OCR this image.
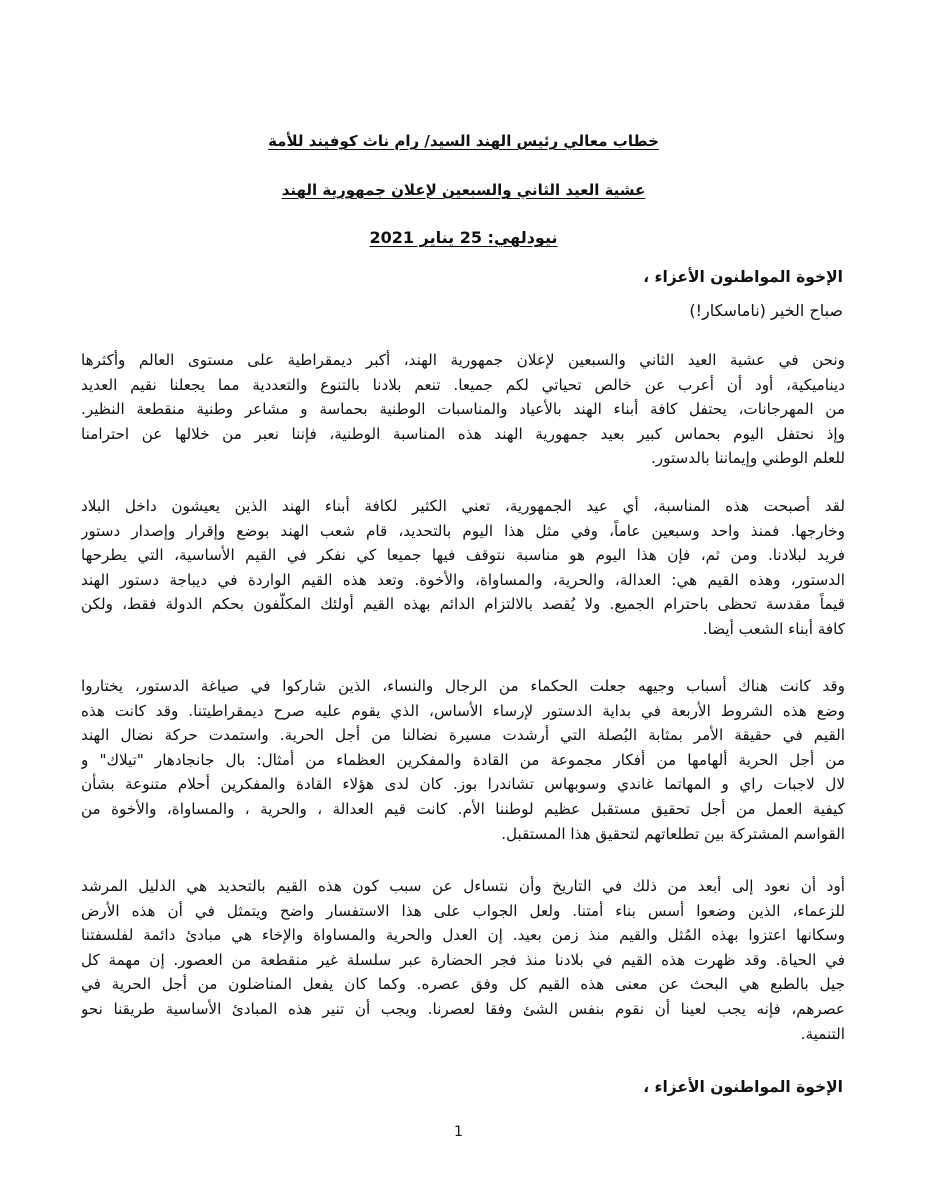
خطاب معالي رئيس الهند السيد/ رام ناث كوفيند للأمة
عشية العيد الثاني والسبعين لإعلان جمهورية الهند
نيودلهي: 25 يناير 2021
الإخوة المواطنون الأعزاء ،
صباح الخير (ناماسكار!)
ونحن في عشية العيد الثاني والسبعين لإعلان جمهورية الهند، أكبر ديمقراطية على مستوى العالم وأكثرها
ديناميكية، أود أن أعرب عن خالص تحياتي لكم جميعا. تنعم بلادنا بالتنوع والتعددية مما يجعلنا نقيم العديد
من المهرجانات، يحتفل كافة أبناء الهند بالأعياد والمناسبات الوطنية بحماسة و مشاعر وطنية منقطعة النظير.
وإذ نحتفل اليوم بحماس كبير بعيد جمهورية الهند هذه المناسبة الوطنية، فإننا نعبر من خلالها عن احترامنا
للعلم الوطني وإيماننا بالدستور.
لقد أصبحت هذه المناسبة، أي عيد الجمهورية، تعني الكثير لكافة أبناء الهند الذين يعيشون داخل البلاد
وخارجها. فمنذ واحد وسبعين عاماً، وفي مثل هذا اليوم بالتحديد، قام شعب الهند بوضع وإقرار وإصدار دستور
فريد لبلادنا. ومن ثم، فإن هذا اليوم هو مناسبة نتوقف فيها جميعا كي نفكر في القيم الأساسية، التي يطرحها
الدستور، وهذه القيم هي: العدالة، والحرية، والمساواة، والأخوة. وتعد هذه القيم الواردة في ديباجة دستور الهند
قيماً مقدسة تحظى باحترام الجميع. ولا يُقصد بالالتزام الدائم بهذه القيم أولئك المكلَّفون بحكم الدولة فقط، ولكن
كافة أبناء الشعب أيضا.
وقد كانت هناك أسباب وجيهه جعلت الحكماء من الرجال والنساء، الذين شاركوا في صياغة الدستور، يختاروا
وضع هذه الشروط الأربعة في بداية الدستور لإرساء الأساس، الذي يقوم عليه صرح ديمقراطيتنا. وقد كانت هذه
القيم في حقيقة الأمر بمثابة البُصلة التي أرشدت مسيرة نضالنا من أجل الحرية. واستمدت حركة نضال الهند
من أجل الحرية ألهامها من أفكار مجموعة من القادة والمفكرين العظماء من أمثال: بال جانجادهار "تيلاك" و
لال لاجبات راي و المهاتما غاندي وسوبهاس تشاندرا بوز. كان لدى هؤلاء القادة والمفكرين أحلام متنوعة بشأن
كيفية العمل من أجل تحقيق مستقبل عظيم لوطننا الأم. كانت قيم العدالة ، والحرية ، والمساواة، والأخوة من
القواسم المشتركة بين تطلعاتهم لتحقيق هذا المستقبل.
أود أن نعود إلى أبعد من ذلك في التاريخ وأن نتساءل عن سبب كون هذه القيم بالتحديد هي الدليل المرشد
للزعماء، الذين وضعوا أسس بناء أمتنا. ولعل الجواب على هذا الاستفسار واضح ويتمثل في أن هذه الأرض
وسكانها اعتزوا بهذه المُثل والقيم منذ زمن بعيد. إن العدل والحرية والمساواة والإخاء هي مبادئ دائمة لفلسفتنا
في الحياة. وقد ظهرت هذه القيم في بلادنا منذ فجر الحضارة عبر سلسلة غير منقطعة من العصور. إن مهمة كل
جيل بالطبع هي البحث عن معنى هذه القيم كل وفق عصره. وكما كان يفعل المناضلون من أجل الحرية في
عصرهم، فإنه يجب لعينا أن نقوم بنفس الشئ وفقا لعصرنا. ويجب أن تنير هذه المبادئ الأساسية طريقنا نحو
التنمية.
الإخوة المواطنون الأعزاء ،
1
